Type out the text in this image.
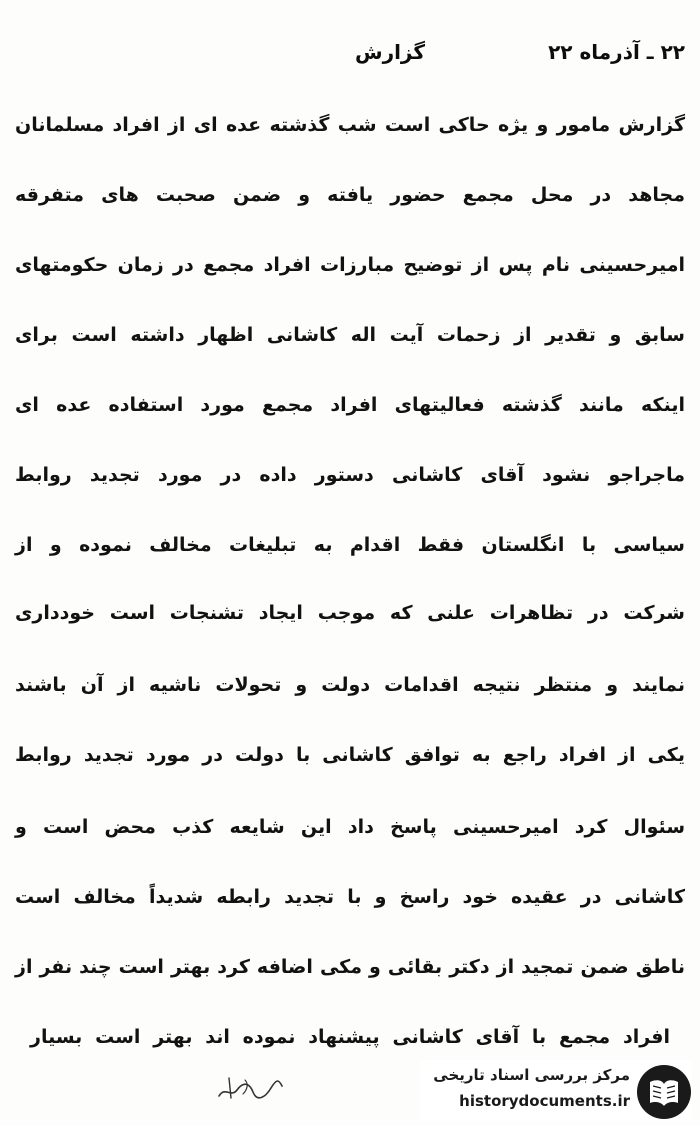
۲۲ ـ آذرماه ۲۲
گزارش
گزارش مامور و یژه حاکی است شب گذشته عده ای از افراد مسلمانان
مجاهد در محل مجمع حضور یافته و ضمن صحبت های متفرقه
امیرحسینی نام پس از توضیح مبارزات افراد مجمع در زمان حکومتهای
سابق و تقدیر از زحمات آیت اله کاشانی اظهار داشته است برای
اینکه مانند گذشته فعالیتهای افراد مجمع مورد استفاده عده ای
ماجراجو نشود آقای کاشانی دستور داده در مورد تجدید روابط
سیاسی با انگلستان فقط اقدام به تبلیغات مخالف نموده و از
شرکت در تظاهرات علنی که موجب ایجاد تشنجات است خودداری
نمایند و منتظر نتیجه اقدامات دولت و تحولات ناشیه از آن باشند
یکی از افراد راجع به توافق کاشانی با دولت در مورد تجدید روابط
سئوال کرد امیرحسینی پاسخ داد این شایعه کذب محض است و
کاشانی در عقیده خود راسخ و با تجدید رابطه شدیداً مخالف است
ناطق ضمن تمجید از دکتر بقائی و مکی اضافه کرد بهتر است چند نفر از
افراد مجمع با آقای کاشانی پیشنهاد نموده اند بهتر است بسیار
مرکز بررسی اسناد تاریخی
historydocuments.ir
